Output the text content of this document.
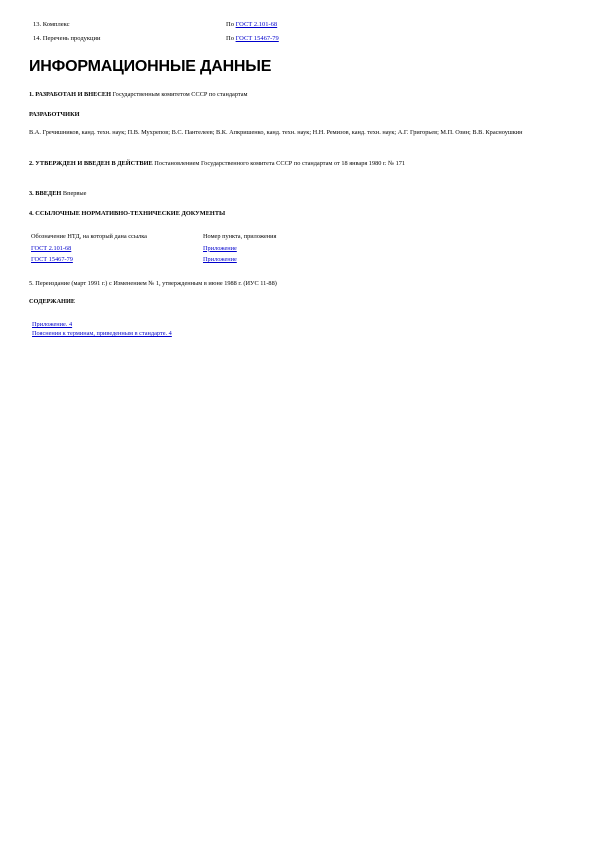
13. Комплекс	По ГОСТ 2.101-68
14. Перечень продукции	По ГОСТ 15467-79
ИНФОРМАЦИОННЫЕ ДАННЫЕ
1. РАЗРАБОТАН И ВНЕСЕН Государственным комитетом СССР по стандартам
РАЗРАБОТЧИКИ
В.А. Гречишников, канд. техн. наук; П.В. Мухрепов; В.С. Пантелеев; В.К. Апкришенко, канд. техн. наук; Н.Н. Ремизов, канд. техн. наук; А.Г. Григорьев; М.П. Озин; В.В. Красноушкин
2. УТВЕРЖДЕН И ВВЕДЕН В ДЕЙСТВИЕ Постановлением Государственного комитета СССР по стандартам от 18 января 1980 г. № 171
3. ВВЕДЕН Впервые
4. ССЫЛОЧНЫЕ НОРМАТИВНО-ТЕХНИЧЕСКИЕ ДОКУМЕНТЫ
Обозначение НТД, на который дана ссылка	Номер пункта, приложения
ГОСТ 2.101-68	Приложение
ГОСТ 15467-79	Приложение
5. Переиздание (март 1991 г.) с Изменением № 1, утвержденным в июне 1988 г. (ИУС 11-88)
СОДЕРЖАНИЕ
Приложение. 4
Пояснения к терминам, приведенным в стандарте. 4
